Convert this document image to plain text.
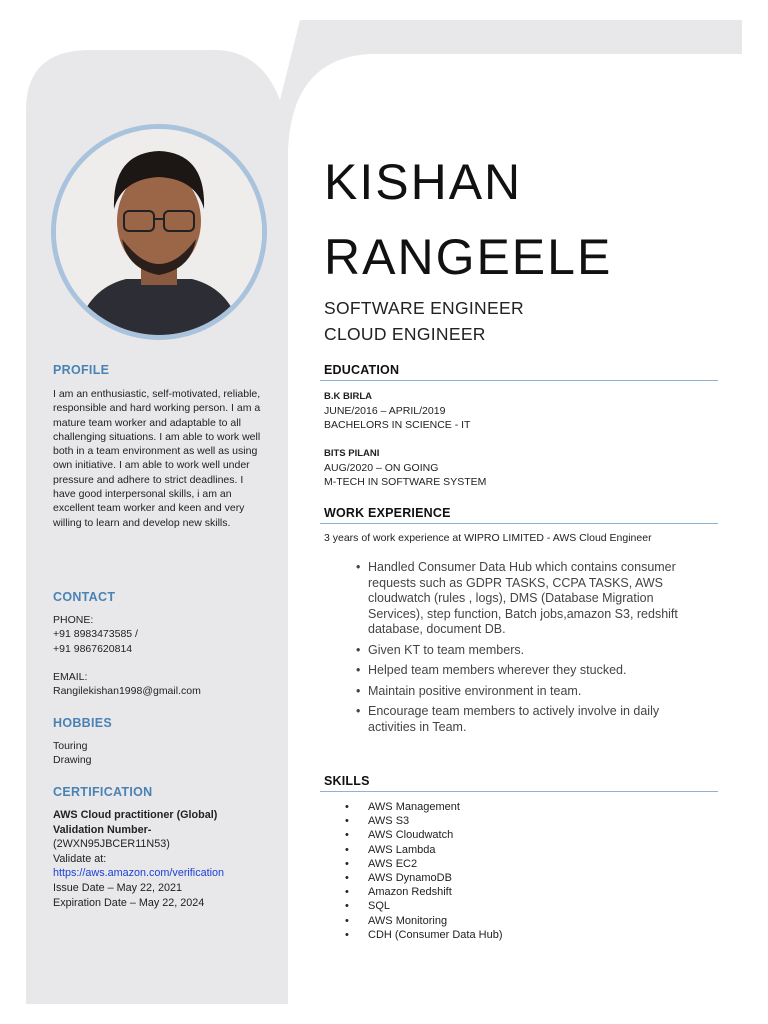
PROFILE
I am an enthusiastic, self-motivated, reliable, responsible and hard working person. I am a mature team worker and adaptable to all challenging situations. I am able to work well both in a team environment as well as using own initiative. I am able to work well under pressure and adhere to strict deadlines. I have good interpersonal skills, i am an excellent team worker and keen and very willing to learn and develop new skills.
CONTACT
PHONE:
+91 8983473585 /
+91 9867620814
EMAIL:
Rangilekishan1998@gmail.com
HOBBIES
Touring
Drawing
CERTIFICATION
AWS Cloud practitioner (Global)
Validation Number-
(2WXN95JBCER11N53)
Validate at:
https://aws.amazon.com/verification
Issue Date – May 22, 2021
Expiration Date – May 22, 2024
KISHAN
RANGEELE
SOFTWARE ENGINEER
CLOUD ENGINEER
EDUCATION
B.K BIRLA
JUNE/2016 – APRIL/2019
BACHELORS IN SCIENCE - IT
BITS PILANI
AUG/2020 – ON GOING
M-TECH IN SOFTWARE SYSTEM
WORK EXPERIENCE
3 years of work experience at WIPRO LIMITED - AWS Cloud Engineer
• Handled Consumer Data Hub which contains consumer requests such as GDPR TASKS, CCPA TASKS, AWS cloudwatch (rules , logs), DMS (Database Migration Services), step function, Batch jobs,amazon S3, redshift database, document DB.
• Given KT to team members.
• Helped team members wherever they stucked.
• Maintain positive environment in team.
• Encourage team members to actively involve in daily activities in Team.
SKILLS
• AWS Management
• AWS S3
• AWS Cloudwatch
• AWS Lambda
• AWS EC2
• AWS DynamoDB
• Amazon Redshift
• SQL
• AWS Monitoring
• CDH (Consumer Data Hub)
